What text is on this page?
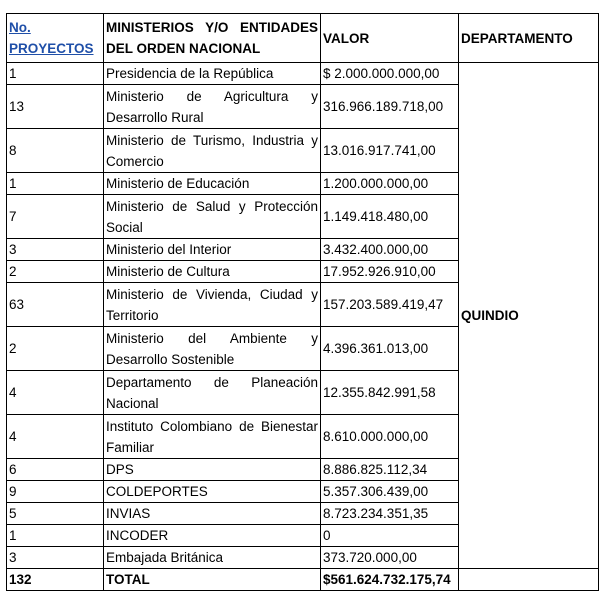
No.
PROYECTOS	MINISTERIOS Y/O ENTIDADES DEL ORDEN NACIONAL	VALOR	DEPARTAMENTO
1	Presidencia de la República	$ 2.000.000.000,00	QUINDIO
13	Ministerio de Agricultura y Desarrollo Rural	316.966.189.718,00	
8	Ministerio de Turismo, Industria y Comercio	13.016.917.741,00	
1	Ministerio de Educación	1.200.000.000,00	
7	Ministerio de Salud y Protección Social	1.149.418.480,00	
3	Ministerio del Interior	3.432.400.000,00	
2	Ministerio de Cultura	17.952.926.910,00	
63	Ministerio de Vivienda, Ciudad y Territorio	157.203.589.419,47	
2	Ministerio del Ambiente y Desarrollo Sostenible	4.396.361.013,00	
4	Departamento de Planeación Nacional	12.355.842.991,58	
4	Instituto Colombiano de Bienestar Familiar	8.610.000.000,00	
6	DPS	8.886.825.112,34	
9	COLDEPORTES	5.357.306.439,00	
5	INVIAS	8.723.234.351,35	
1	INCODER	0	
3	Embajada Británica	373.720.000,00	
132	TOTAL	$561.624.732.175,74	
